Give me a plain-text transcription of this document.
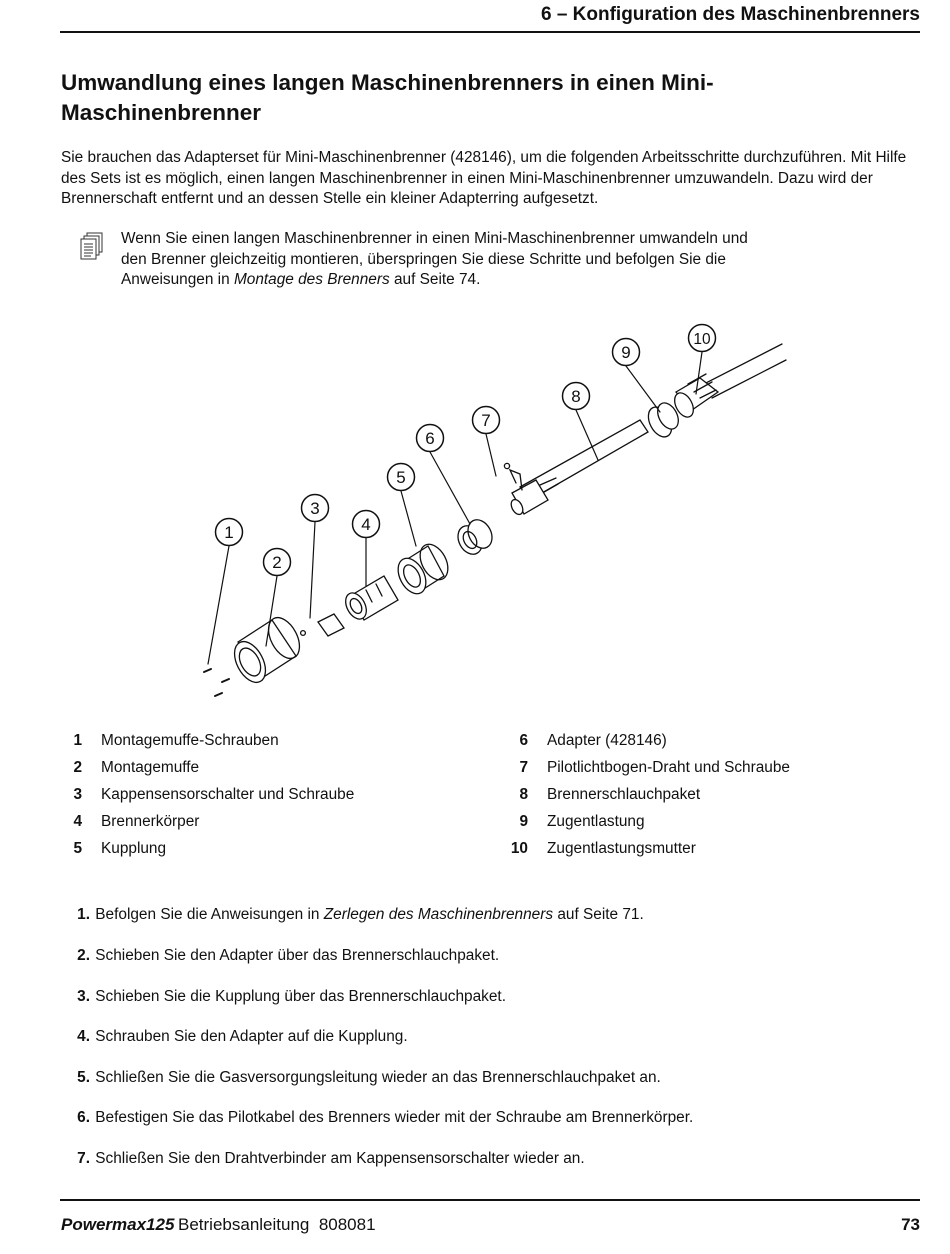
6 – Konfiguration des Maschinenbrenners
Umwandlung eines langen Maschinenbrenners in einen Mini-Maschinenbrenner

Sie brauchen das Adapterset für Mini-Maschinenbrenner (428146), um die folgenden Arbeitsschritte durchzuführen. Mit Hilfe des Sets ist es möglich, einen langen Maschinenbrenner in einen Mini-Maschinenbrenner umzuwandeln. Dazu wird der Brennerschaft entfernt und an dessen Stelle ein kleiner Adapterring aufgesetzt.

Wenn Sie einen langen Maschinenbrenner in einen Mini-Maschinenbrenner umwandeln und den Brenner gleichzeitig montieren, überspringen Sie diese Schritte und befolgen Sie die Anweisungen in Montage des Brenners auf Seite 74.

1
2
3
4
5
6
7
8
9
10
1 Montagemuffe-Schrauben
2 Montagemuffe
3 Kappensensorschalter und Schraube
4 Brennerkörper
5 Kupplung
6 Adapter (428146)
7 Pilotlichtbogen-Draht und Schraube
8 Brennerschlauchpaket
9 Zugentlastung
10 Zugentlastungsmutter
1. Befolgen Sie die Anweisungen in Zerlegen des Maschinenbrenners auf Seite 71.
2. Schieben Sie den Adapter über das Brennerschlauchpaket.
3. Schieben Sie die Kupplung über das Brennerschlauchpaket.
4. Schrauben Sie den Adapter auf die Kupplung.
5. Schließen Sie die Gasversorgungsleitung wieder an das Brennerschlauchpaket an.
6. Befestigen Sie das Pilotkabel des Brenners wieder mit der Schraube am Brennerkörper.
7. Schließen Sie den Drahtverbinder am Kappensensorschalter wieder an.
Powermax125 Betriebsanleitung  808081	73
